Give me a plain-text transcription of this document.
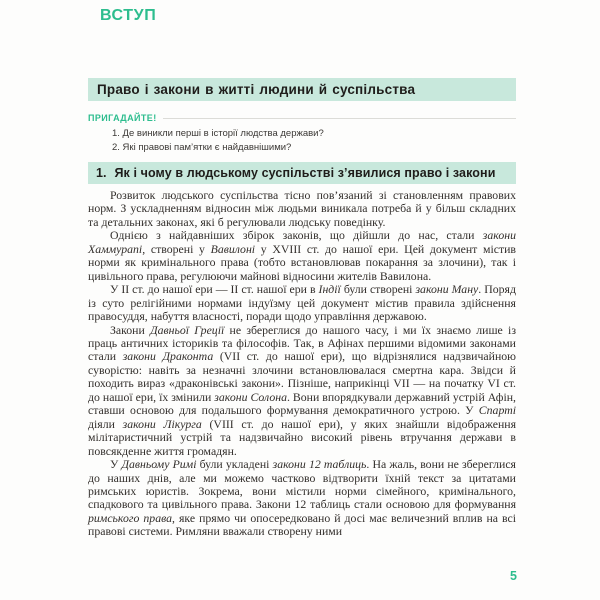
ВСТУП
Право і закони в житті людини й суспільства
ПРИГАДАЙТЕ!
1. Де виникли перші в історії людства держави?
2. Які правові пам’ятки є найдавнішими?
1. Як і чому в людському суспільстві з’явилися право і закони

Розвиток людського суспільства тісно пов’язаний зі становленням правових норм. З ускладненням відносин між людьми виникала потреба й у більш складних та детальних законах, які б регулювали людську поведінку.

Однією з найдавніших збірок законів, що дійшли до нас, стали закони Хаммурапі, створені у Вавилоні у XVIII ст. до нашої ери. Цей документ містив норми як кримінального права (тобто встановлював покарання за злочини), так і цивільного права, регулюючи майнові відносини жителів Вавилона.

У II ст. до нашої ери — II ст. нашої ери в Індії були створені закони Ману. Поряд із суто релігійними нормами індуїзму цей документ містив правила здійснення правосуддя, набуття власності, поради щодо управління державою.

Закони Давньої Греції не збереглися до нашого часу, і ми їх знаємо лише із праць античних істориків та філософів. Так, в Афінах першими відомими законами стали закони Драконта (VII ст. до нашої ери), що відрізнялися надзвичайною суворістю: навіть за незначні злочини встановлювалася смертна кара. Звідси й походить вираз «драконівські закони». Пізніше, наприкінці VII — на початку VI ст. до нашої ери, їх змінили закони Солона. Вони впорядкували державний устрій Афін, ставши основою для подальшого формування демократичного устрою. У Спарті діяли закони Лікурга (VIII ст. до нашої ери), у яких знайшли відображення мілітаристичний устрій та надзвичайно високий рівень втручання держави в повсякденне життя громадян.

У Давньому Римі були укладені закони 12 таблиць. На жаль, вони не збереглися до наших днів, але ми можемо частково відтворити їхній текст за цитатами римських юристів. Зокрема, вони містили норми сімейного, кримінального, спадкового та цивільного права. Закони 12 таблиць стали основою для формування римського права, яке прямо чи опосередковано й досі має величезний вплив на всі правові системи. Римляни вважали створену ними

5
